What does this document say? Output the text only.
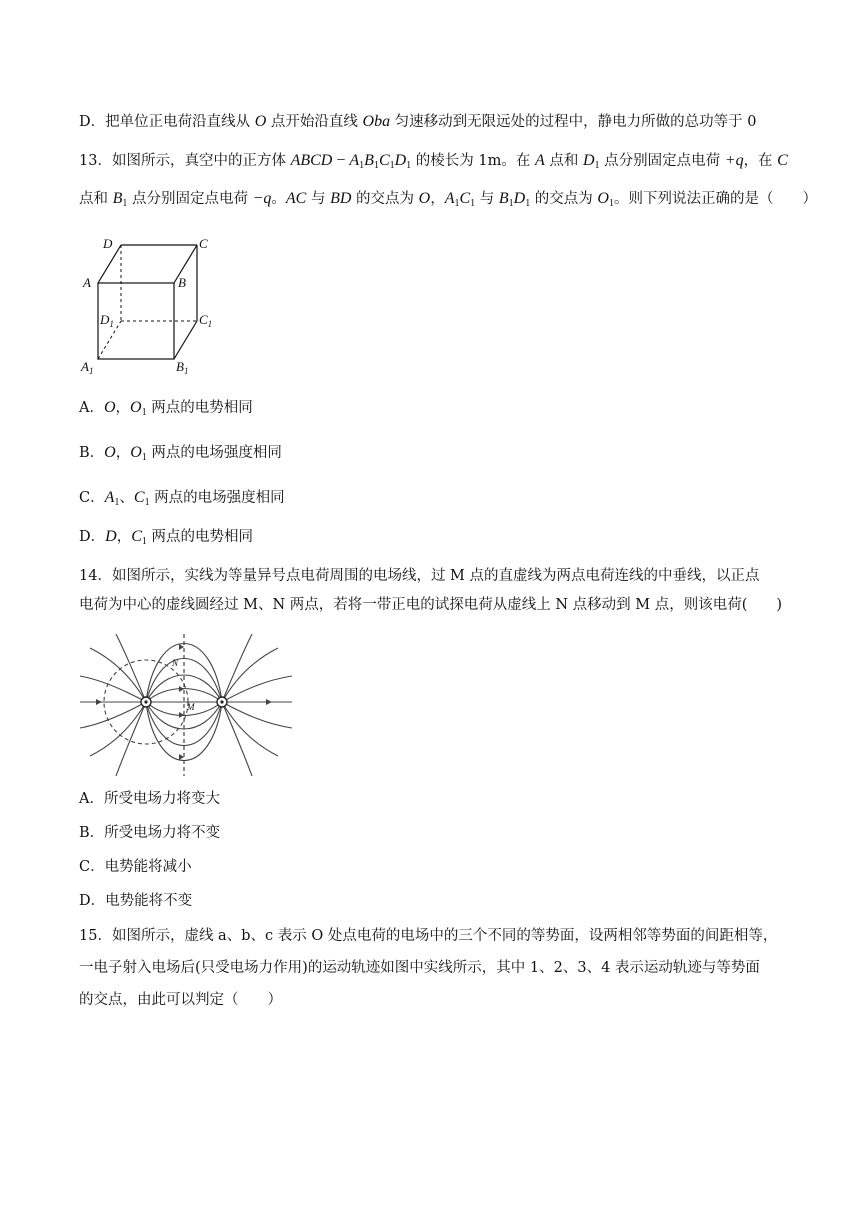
D．把单位正电荷沿直线从 O 点开始沿直线 Oba 匀速移动到无限远处的过程中，静电力所做的总功等于 0
13．如图所示，真空中的正方体 ABCD − $A_1B_1C_1D_1$ 的棱长为 1m。在 A 点和 $D_1$ 点分别固定点电荷 +q，在 C
点和 $B_1$ 点分别固定点电荷 −q。AC 与 BD 的交点为 O，$A_1C_1$ 与 $B_1D_1$ 的交点为 $O_1$。则下列说法正确的是（　　）
D	C
A	B
$D_1$	$C_1$
$A_1$	$B_1$
A．O，$O_1$ 两点的电势相同
B．O，$O_1$ 两点的电场强度相同
C．$A_1$、$C_1$ 两点的电场强度相同
D．D，$C_1$ 两点的电势相同
14．如图所示，实线为等量异号点电荷周围的电场线，过 M 点的直虚线为两点电荷连线的中垂线，以正点
电荷为中心的虚线圆经过 M、N 两点，若将一带正电的试探电荷从虚线上 N 点移动到 M 点，则该电荷(　　)
N
M
A．所受电场力将变大
B．所受电场力将不变
C．电势能将减小
D．电势能将不变
15．如图所示，虚线 a、b、c 表示 O 处点电荷的电场中的三个不同的等势面，设两相邻等势面的间距相等，
一电子射入电场后(只受电场力作用)的运动轨迹如图中实线所示，其中 1、2、3、4 表示运动轨迹与等势面
的交点，由此可以判定（　　）
